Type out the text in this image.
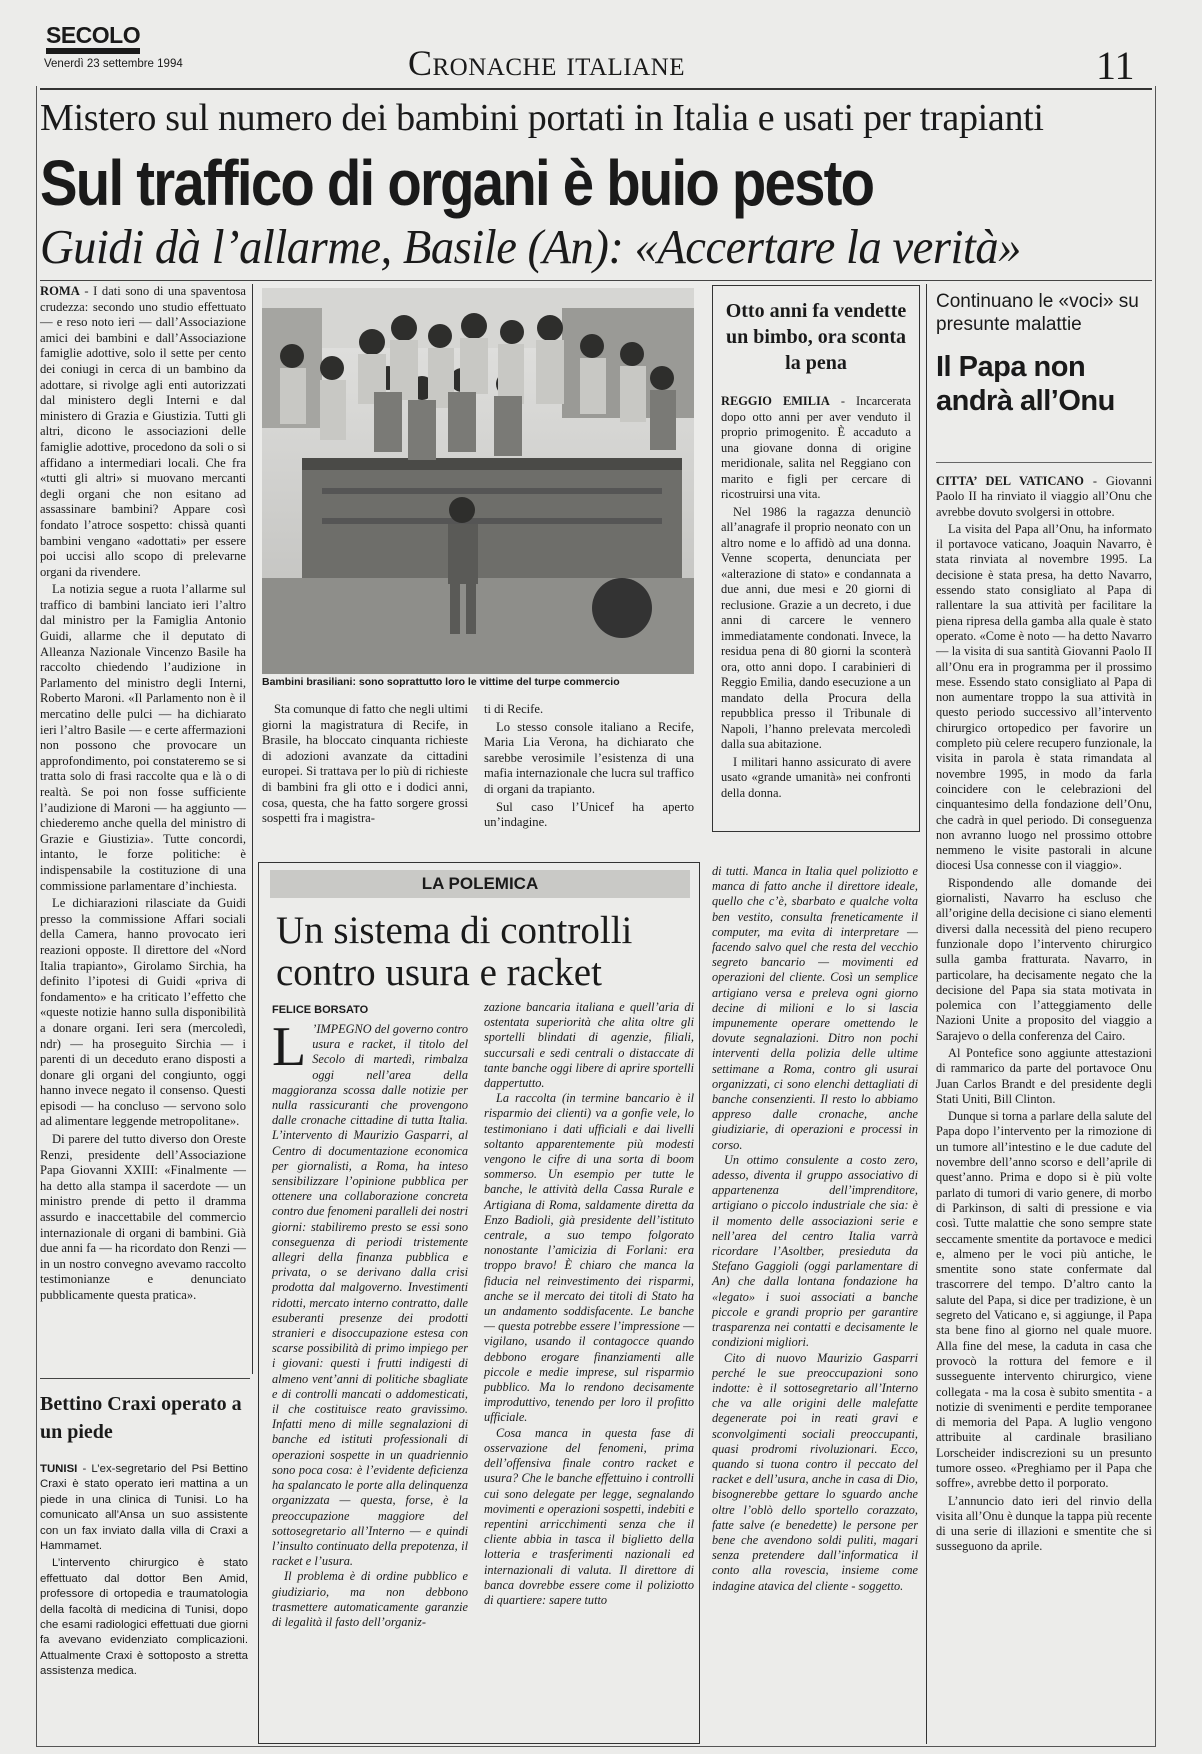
SECOLO
Venerdì 23 settembre 1994	Cronache italiane	11
Mistero sul numero dei bambini portati in Italia e usati per trapianti
Sul traffico di organi è buio pesto
Guidi dà l’allarme, Basile (An): «Accertare la verità»

ROMA - I dati sono di una spaventosa crudezza: secondo uno studio effettuato — e reso noto ieri — dall’Associazione amici dei bambini e dall’Associazione famiglie adottive, solo il sette per cento dei coniugi in cerca di un bambino da adottare, si rivolge agli enti autorizzati dal ministero degli Interni e dal ministero di Grazia e Giustizia. Tutti gli altri, dicono le associazioni delle famiglie adottive, procedono da soli o si affidano a intermediari locali. Che fra «tutti gli altri» si muovano mercanti degli organi che non esitano ad assassinare bambini? Appare così fondato l’atroce sospetto: chissà quanti bambini vengano «adottati» per essere poi uccisi allo scopo di prelevarne organi da rivendere.

La notizia segue a ruota l’allarme sul traffico di bambini lanciato ieri l’altro dal ministro per la Famiglia Antonio Guidi, allarme che il deputato di Alleanza Nazionale Vincenzo Basile ha raccolto chiedendo l’audizione in Parlamento del ministro degli Interni, Roberto Maroni. «Il Parlamento non è il mercatino delle pulci — ha dichiarato ieri l’altro Basile — e certe affermazioni non possono che provocare un approfondimento, poi constateremo se si tratta solo di frasi raccolte qua e là o di realtà. Se poi non fosse sufficiente l’audizione di Maroni — ha aggiunto — chiederemo anche quella del ministro di Grazie e Giustizia». Tutte concordi, intanto, le forze politiche: è indispensabile la costituzione di una commissione parlamentare d’inchiesta.

Le dichiarazioni rilasciate da Guidi presso la commissione Affari sociali della Camera, hanno provocato ieri reazioni opposte. Il direttore del «Nord Italia trapianto», Girolamo Sirchia, ha definito l’ipotesi di Guidi «priva di fondamento» e ha criticato l’effetto che «queste notizie hanno sulla disponibilità a donare organi. Ieri sera (mercoledì, ndr) — ha proseguito Sirchia — i parenti di un deceduto erano disposti a donare gli organi del congiunto, oggi hanno invece negato il consenso. Questi episodi — ha concluso — servono solo ad alimentare leggende metropolitane».

Di parere del tutto diverso don Oreste Renzi, presidente dell’Associazione Papa Giovanni XXIII: «Finalmente — ha detto alla stampa il sacerdote — un ministro prende di petto il dramma assurdo e inaccettabile del commercio internazionale di organi di bambini. Già due anni fa — ha ricordato don Renzi — in un nostro convegno avevamo raccolto testimonianze e denunciato pubblicamente questa pratica».

Bambini brasiliani: sono soprattutto loro le vittime del turpe commercio

Sta comunque di fatto che negli ultimi giorni la magistratura di Recife, in Brasile, ha bloccato cinquanta richieste di adozioni avanzate da cittadini europei. Si trattava per lo più di richieste di bambini fra gli otto e i dodici anni, cosa, questa, che ha fatto sorgere grossi sospetti fra i magistra-

ti di Recife.

Lo stesso console italiano a Recife, Maria Lia Verona, ha dichiarato che sarebbe verosimile l’esistenza di una mafia internazionale che lucra sul traffico di organi da trapianto.

Sul caso l’Unicef ha aperto un’indagine.

Otto anni fa vendette un bimbo, ora sconta la pena

REGGIO EMILIA - Incarcerata dopo otto anni per aver venduto il proprio primogenito. È accaduto a una giovane donna di origine meridionale, salita nel Reggiano con marito e figli per cercare di ricostruirsi una vita.

Nel 1986 la ragazza denunciò all’anagrafe il proprio neonato con un altro nome e lo affidò ad una donna. Venne scoperta, denunciata per «alterazione di stato» e condannata a due anni, due mesi e 20 giorni di reclusione. Grazie a un decreto, i due anni di carcere le vennero immediatamente condonati. Invece, la residua pena di 80 giorni la sconterà ora, otto anni dopo. I carabinieri di Reggio Emilia, dando esecuzione a un mandato della Procura della repubblica presso il Tribunale di Napoli, l’hanno prelevata mercoledì dalla sua abitazione.

I militari hanno assicurato di avere usato «grande umanità» nei confronti della donna.

Continuano le «voci» su presunte malattie
Il Papa non andrà all’Onu

CITTA’ DEL VATICANO - Giovanni Paolo II ha rinviato il viaggio all’Onu che avrebbe dovuto svolgersi in ottobre.

La visita del Papa all’Onu, ha informato il portavoce vaticano, Joaquin Navarro, è stata rinviata al novembre 1995. La decisione è stata presa, ha detto Navarro, essendo stato consigliato al Papa di rallentare la sua attività per facilitare la piena ripresa della gamba alla quale è stato operato. «Come è noto — ha detto Navarro — la visita di sua santità Giovanni Paolo II all’Onu era in programma per il prossimo mese. Essendo stato consigliato al Papa di non aumentare troppo la sua attività in questo periodo successivo all’intervento chirurgico ortopedico per favorire un completo più celere recupero funzionale, la visita in parola è stata rimandata al novembre 1995, in modo da farla coincidere con le celebrazioni del cinquantesimo della fondazione dell’Onu, che cadrà in quel periodo. Di conseguenza non avranno luogo nel prossimo ottobre nemmeno le visite pastorali in alcune diocesi Usa connesse con il viaggio».

Rispondendo alle domande dei giornalisti, Navarro ha escluso che all’origine della decisione ci siano elementi diversi dalla necessità del pieno recupero funzionale dopo l’intervento chirurgico sulla gamba fratturata. Navarro, in particolare, ha decisamente negato che la decisione del Papa sia stata motivata in polemica con l’atteggiamento delle Nazioni Unite a proposito del viaggio a Sarajevo o della conferenza del Cairo.

Al Pontefice sono aggiunte attestazioni di rammarico da parte del portavoce Onu Juan Carlos Brandt e del presidente degli Stati Uniti, Bill Clinton.

Dunque si torna a parlare della salute del Papa dopo l’intervento per la rimozione di un tumore all’intestino e le due cadute del novembre dell’anno scorso e dell’aprile di quest’anno. Prima e dopo si è più volte parlato di tumori di vario genere, di morbo di Parkinson, di salti di pressione e via così. Tutte malattie che sono sempre state seccamente smentite da portavoce e medici e, almeno per le voci più antiche, le smentite sono state confermate dal trascorrere del tempo. D’altro canto la salute del Papa, si dice per tradizione, è un segreto del Vaticano e, si aggiunge, il Papa sta bene fino al giorno nel quale muore. Alla fine del mese, la caduta in casa che provocò la rottura del femore e il susseguente intervento chirurgico, viene collegata - ma la cosa è subito smentita - a notizie di svenimenti e perdite temporanee di memoria del Papa. A luglio vengono attribuite al cardinale brasiliano Lorscheider indiscrezioni su un presunto tumore osseo. «Preghiamo per il Papa che soffre», avrebbe detto il porporato.

L’annuncio dato ieri del rinvio della visita all’Onu è dunque la tappa più recente di una serie di illazioni e smentite che si susseguono da aprile.

LA POLEMICA
Un sistema di controlli contro usura e racket
FELICE BORSATO

L ’IMPEGNO del governo contro usura e racket, il titolo del Secolo di martedì, rimbalza oggi nell’area della maggioranza scossa dalle notizie per nulla rassicuranti che provengono dalle cronache cittadine di tutta Italia. L’intervento di Maurizio Gasparri, al Centro di documentazione economica per giornalisti, a Roma, ha inteso sensibilizzare l’opinione pubblica per ottenere una collaborazione concreta contro due fenomeni paralleli dei nostri giorni: stabiliremo presto se essi sono conseguenza di periodi tristemente allegri della finanza pubblica e privata, o se derivano dalla crisi prodotta dal malgoverno. Investimenti ridotti, mercato interno contratto, dalle esuberanti presenze dei prodotti stranieri e disoccupazione estesa con scarse possibilità di primo impiego per i giovani: questi i frutti indigesti di almeno vent’anni di politiche sbagliate e di controlli mancati o addomesticati, il che costituisce reato gravissimo. Infatti meno di mille segnalazioni di banche ed istituti professionali di operazioni sospette in un quadriennio sono poca cosa: è l’evidente deficienza ha spalancato le porte alla delinquenza organizzata — questa, forse, è la preoccupazione maggiore del sottosegretario all’Interno — e quindi l’insulto continuato della prepotenza, il racket e l’usura.

Il problema è di ordine pubblico e giudiziario, ma non debbono trasmettere automaticamente garanzie di legalità il fasto dell’organiz-

zazione bancaria italiana e quell’aria di ostentata superiorità che alita oltre gli sportelli blindati di agenzie, filiali, succursali e sedi centrali o distaccate di tante banche oggi libere di aprire sportelli dappertutto.

La raccolta (in termine bancario è il risparmio dei clienti) va a gonfie vele, lo testimoniano i dati ufficiali e dai livelli soltanto apparentemente più modesti vengono le cifre di una sorta di boom sommerso. Un esempio per tutte le banche, le attività della Cassa Rurale e Artigiana di Roma, saldamente diretta da Enzo Badioli, già presidente dell’istituto centrale, a suo tempo folgorato nonostante l’amicizia di Forlani: era troppo bravo! È chiaro che manca la fiducia nel reinvestimento dei risparmi, anche se il mercato dei titoli di Stato ha un andamento soddisfacente. Le banche — questa potrebbe essere l’impressione — vigilano, usando il contagocce quando debbono erogare finanziamenti alle piccole e medie imprese, sul risparmio pubblico. Ma lo rendono decisamente improduttivo, tenendo per loro il profitto ufficiale.

Cosa manca in questa fase di osservazione del fenomeni, prima dell’offensiva finale contro racket e usura? Che le banche effettuino i controlli cui sono delegate per legge, segnalando movimenti e operazioni sospetti, indebiti e repentini arricchimenti senza che il cliente abbia in tasca il biglietto della lotteria e trasferimenti nazionali ed internazionali di valuta. Il direttore di banca dovrebbe essere come il poliziotto di quartiere: sapere tutto

di tutti. Manca in Italia quel poliziotto e manca di fatto anche il direttore ideale, quello che c’è, sbarbato e qualche volta ben vestito, consulta freneticamente il computer, ma evita di interpretare — facendo salvo quel che resta del vecchio segreto bancario — movimenti ed operazioni del cliente. Così un semplice artigiano versa e preleva ogni giorno decine di milioni e lo si lascia impunemente operare omettendo le dovute segnalazioni. Ditro non pochi interventi della polizia delle ultime settimane a Roma, contro gli usurai organizzati, ci sono elenchi dettagliati di banche consenzienti. Il resto lo abbiamo appreso dalle cronache, anche giudiziarie, di operazioni e processi in corso.

Un ottimo consulente a costo zero, adesso, diventa il gruppo associativo di appartenenza dell’imprenditore, artigiano o piccolo industriale che sia: è il momento delle associazioni serie e nell’area del centro Italia varrà ricordare l’Asoltber, presieduta da Stefano Gaggioli (oggi parlamentare di An) che dalla lontana fondazione ha «legato» i suoi associati a banche piccole e grandi proprio per garantire trasparenza nei contatti e decisamente le condizioni migliori.

Cito di nuovo Maurizio Gasparri perché le sue preoccupazioni sono indotte: è il sottosegretario all’Interno che va alle origini delle malefatte degenerate poi in reati gravi e sconvolgimenti sociali preoccupanti, quasi prodromi rivoluzionari. Ecco, quando si tuona contro il peccato del racket e dell’usura, anche in casa di Dio, bisognerebbe gettare lo sguardo anche oltre l’oblò dello sportello corazzato, fatte salve (e benedette) le persone per bene che avendono soldi puliti, magari senza pretendere dall’informatica il conto alla rovescia, insieme come indagine atavica del cliente - soggetto.

Bettino Craxi operato a un piede

TUNISI - L’ex-segretario del Psi Bettino Craxi è stato operato ieri mattina a un piede in una clinica di Tunisi. Lo ha comunicato all’Ansa un suo assistente con un fax inviato dalla villa di Craxi a Hammamet.

L’intervento chirurgico è stato effettuato dal dottor Ben Amid, professore di ortopedia e traumatologia della facoltà di medicina di Tunisi, dopo che esami radiologici effettuati due giorni fa avevano evidenziato complicazioni. Attualmente Craxi è sottoposto a stretta assistenza medica.
